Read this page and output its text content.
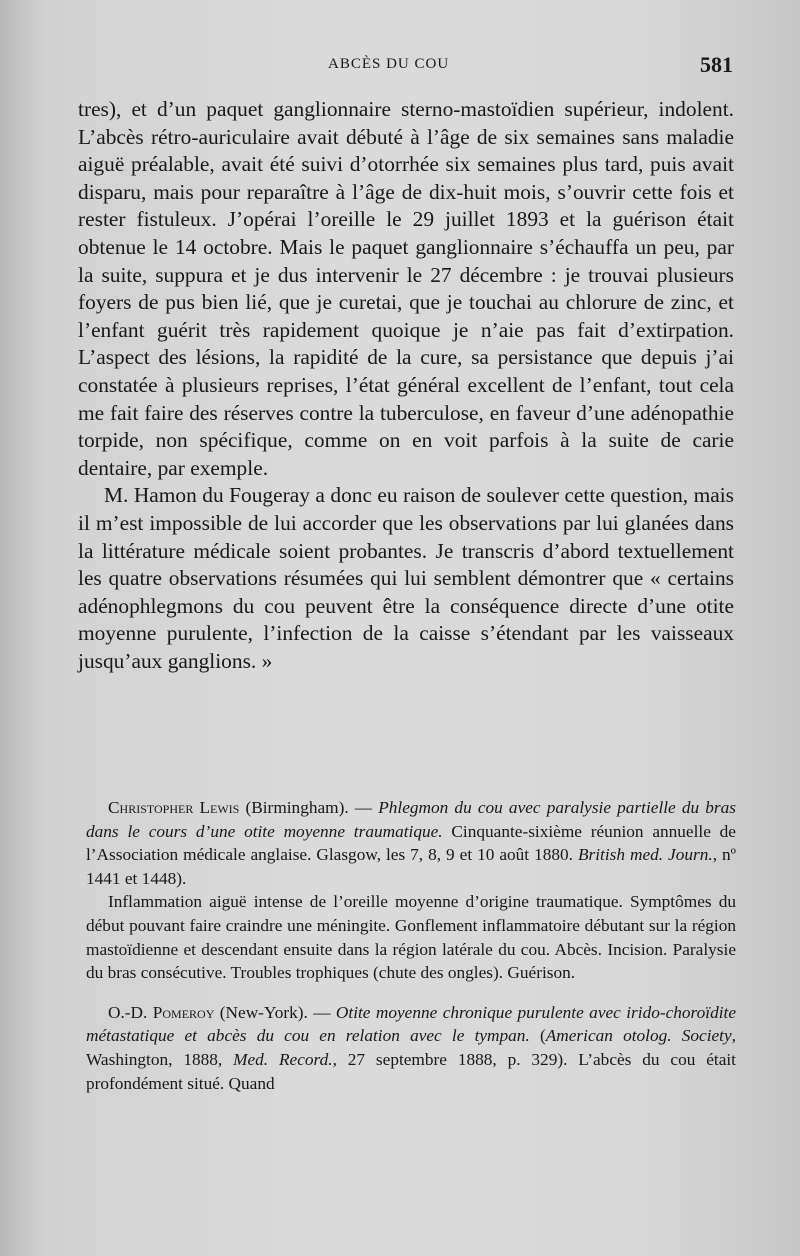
ABCÈS DU COU	581

tres), et d’un paquet ganglionnaire sterno-mastoïdien supérieur, indolent. L’abcès rétro-auriculaire avait débuté à l’âge de six semaines sans maladie aiguë préalable, avait été suivi d’otorrhée six semaines plus tard, puis avait disparu, mais pour reparaître à l’âge de dix-huit mois, s’ouvrir cette fois et rester fistuleux. J’opérai l’oreille le 29 juillet 1893 et la guérison était obtenue le 14 octobre. Mais le paquet ganglionnaire s’échauffa un peu, par la suite, suppura et je dus intervenir le 27 décembre : je trouvai plusieurs foyers de pus bien lié, que je curetai, que je touchai au chlorure de zinc, et l’enfant guérit très rapidement quoique je n’aie pas fait d’extirpation. L’aspect des lésions, la rapidité de la cure, sa persistance que depuis j’ai constatée à plusieurs reprises, l’état général excellent de l’enfant, tout cela me fait faire des réserves contre la tuberculose, en faveur d’une adénopathie torpide, non spécifique, comme on en voit parfois à la suite de carie dentaire, par exemple.

M. Hamon du Fougeray a donc eu raison de soulever cette question, mais il m’est impossible de lui accorder que les observations par lui glanées dans la littérature médicale soient probantes. Je transcris d’abord textuellement les quatre observations résumées qui lui semblent démontrer que « certains adénophlegmons du cou peuvent être la conséquence directe d’une otite moyenne purulente, l’infection de la caisse s’étendant par les vaisseaux jusqu’aux ganglions. »

Christopher Lewis (Birmingham). — Phlegmon du cou avec paralysie partielle du bras dans le cours d’une otite moyenne traumatique. Cinquante-sixième réunion annuelle de l’Association médicale anglaise. Glasgow, les 7, 8, 9 et 10 août 1880. British med. Journ., nº 1441 et 1448).

Inflammation aiguë intense de l’oreille moyenne d’origine traumatique. Symptômes du début pouvant faire craindre une méningite. Gonflement inflammatoire débutant sur la région mastoïdienne et descendant ensuite dans la région latérale du cou. Abcès. Incision. Paralysie du bras consécutive. Troubles trophiques (chute des ongles). Guérison.

O.-D. Pomeroy (New-York). — Otite moyenne chronique purulente avec irido-choroïdite métastatique et abcès du cou en relation avec le tympan. (American otolog. Society, Washington, 1888, Med. Record., 27 septembre 1888, p. 329). L’abcès du cou était profondément situé. Quand
